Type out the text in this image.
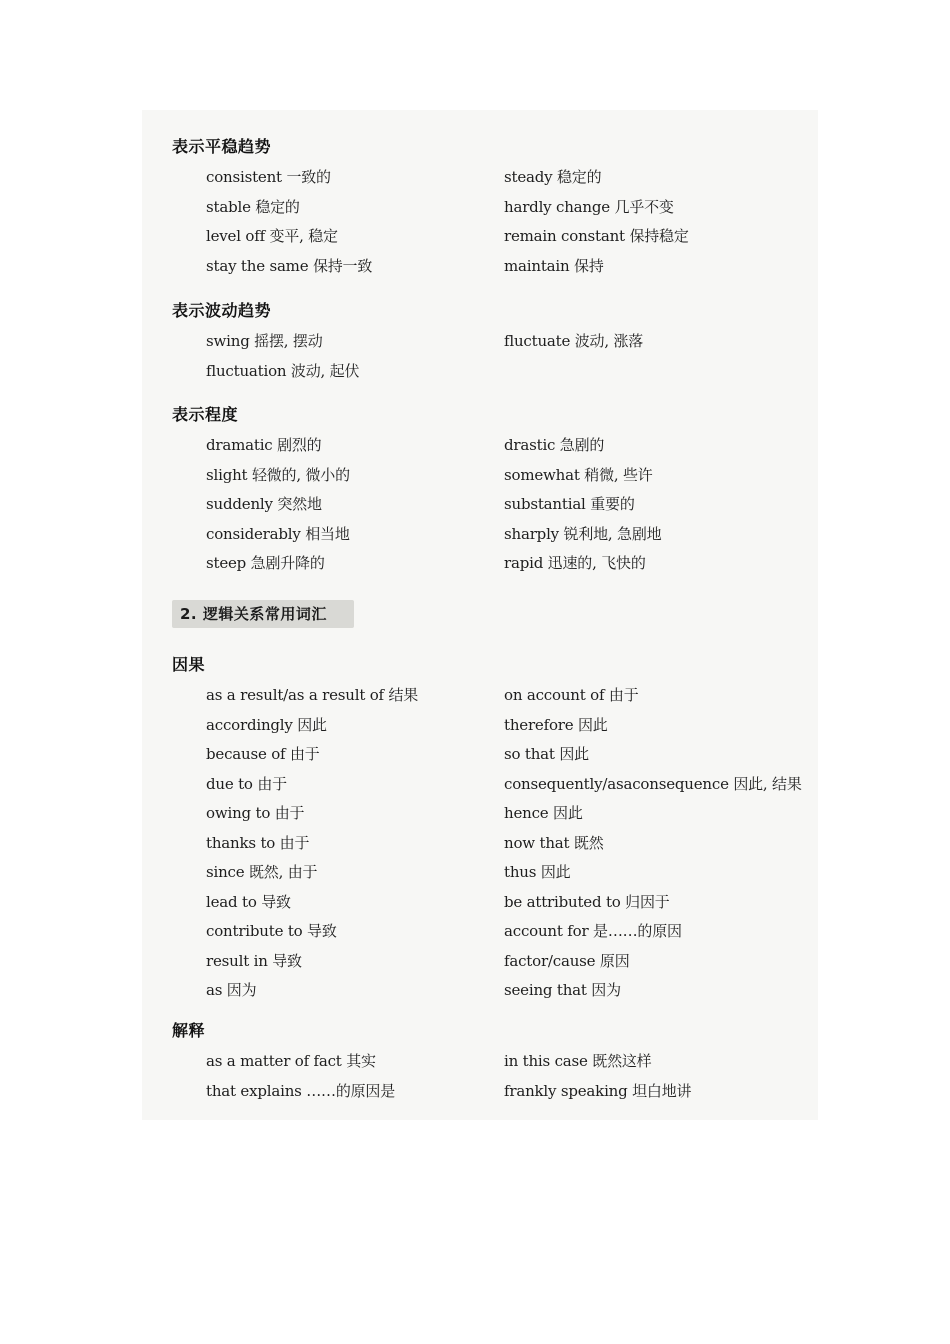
表示平稳趋势
consistent 一致的	steady 稳定的
stable 稳定的	hardly change 几乎不变
level off 变平, 稳定	remain constant 保持稳定
stay the same 保持一致	maintain 保持
表示波动趋势
swing 摇摆, 摆动	fluctuate 波动, 涨落
fluctuation 波动, 起伏
表示程度
dramatic 剧烈的	drastic 急剧的
slight 轻微的, 微小的	somewhat 稍微, 些许
suddenly 突然地	substantial 重要的
considerably 相当地	sharply 锐利地, 急剧地
steep 急剧升降的	rapid 迅速的, 飞快的
2. 逻辑关系常用词汇
因果
as a result/as a result of 结果	on account of 由于
accordingly 因此	therefore 因此
because of 由于	so that 因此
due to 由于	consequently/asaconsequence 因此, 结果
owing to 由于	hence 因此
thanks to 由于	now that 既然
since 既然, 由于	thus 因此
lead to 导致	be attributed to 归因于
contribute to 导致	account for 是……的原因
result in 导致	factor/cause 原因
as 因为	seeing that 因为
解释
as a matter of fact 其实	in this case 既然这样
that explains ……的原因是	frankly speaking 坦白地讲
